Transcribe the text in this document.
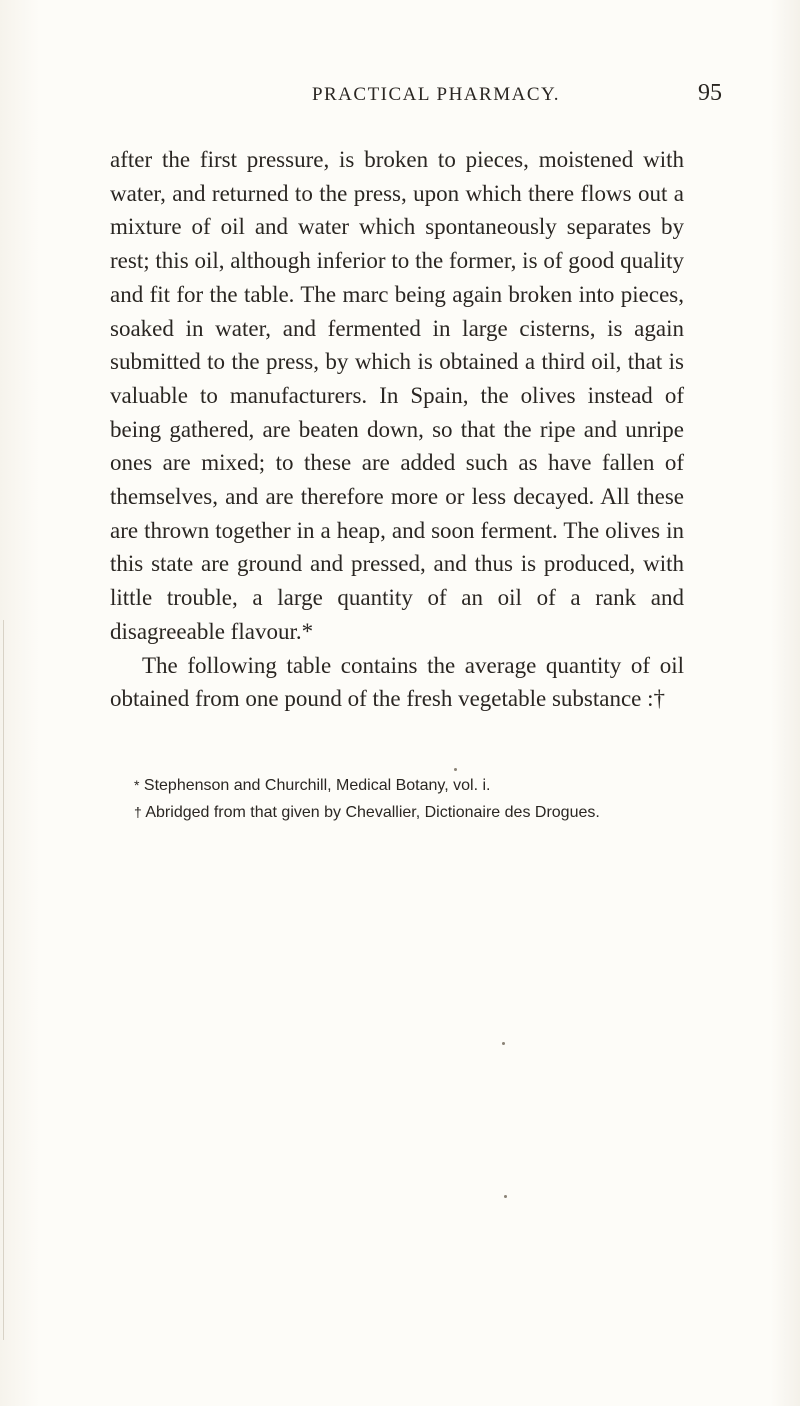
PRACTICAL PHARMACY.	95

after the first pressure, is broken to pieces, moistened with water, and returned to the press, upon which there flows out a mixture of oil and water which spontaneously separates by rest; this oil, although inferior to the former, is of good quality and fit for the table. The marc being again broken into pieces, soaked in water, and fermented in large cisterns, is again submitted to the press, by which is obtained a third oil, that is valuable to manufacturers. In Spain, the olives instead of being gathered, are beaten down, so that the ripe and unripe ones are mixed; to these are added such as have fallen of themselves, and are therefore more or less decayed. All these are thrown together in a heap, and soon ferment. The olives in this state are ground and pressed, and thus is produced, with little trouble, a large quantity of an oil of a rank and disagreeable flavour.*

The following table contains the average quantity of oil obtained from one pound of the fresh vegetable substance :†

* Stephenson and Churchill, Medical Botany, vol. i.

† Abridged from that given by Chevallier, Dictionaire des Drogues.
